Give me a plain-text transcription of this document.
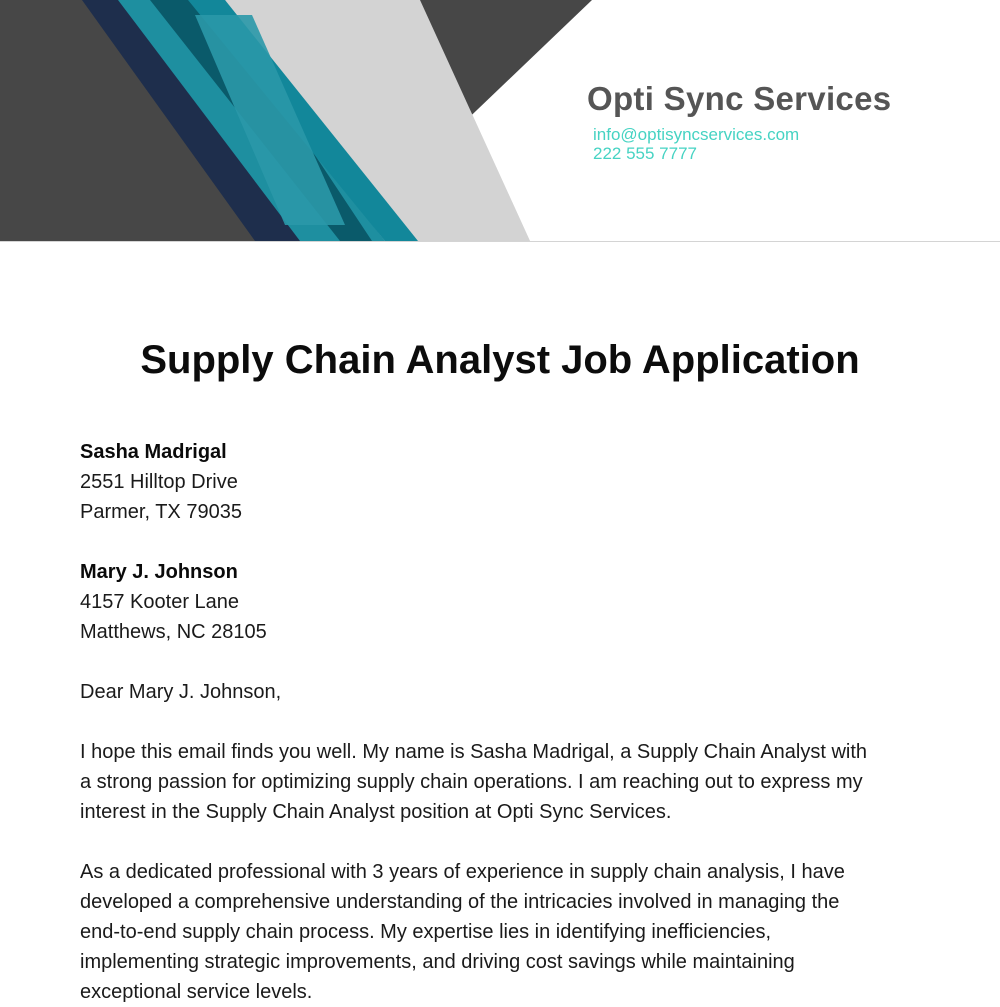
Opti Sync Services
info@optisyncservices.com
222 555 7777
Supply Chain Analyst Job Application
Sasha Madrigal
2551 Hilltop Drive
Parmer, TX 79035
Mary J. Johnson
4157 Kooter Lane
Matthews, NC 28105
Dear Mary J. Johnson,
I hope this email finds you well. My name is Sasha Madrigal, a Supply Chain Analyst with
a strong passion for optimizing supply chain operations. I am reaching out to express my
interest in the Supply Chain Analyst position at Opti Sync Services.
As a dedicated professional with 3 years of experience in supply chain analysis, I have
developed a comprehensive understanding of the intricacies involved in managing the
end-to-end supply chain process. My expertise lies in identifying inefficiencies,
implementing strategic improvements, and driving cost savings while maintaining
exceptional service levels.
